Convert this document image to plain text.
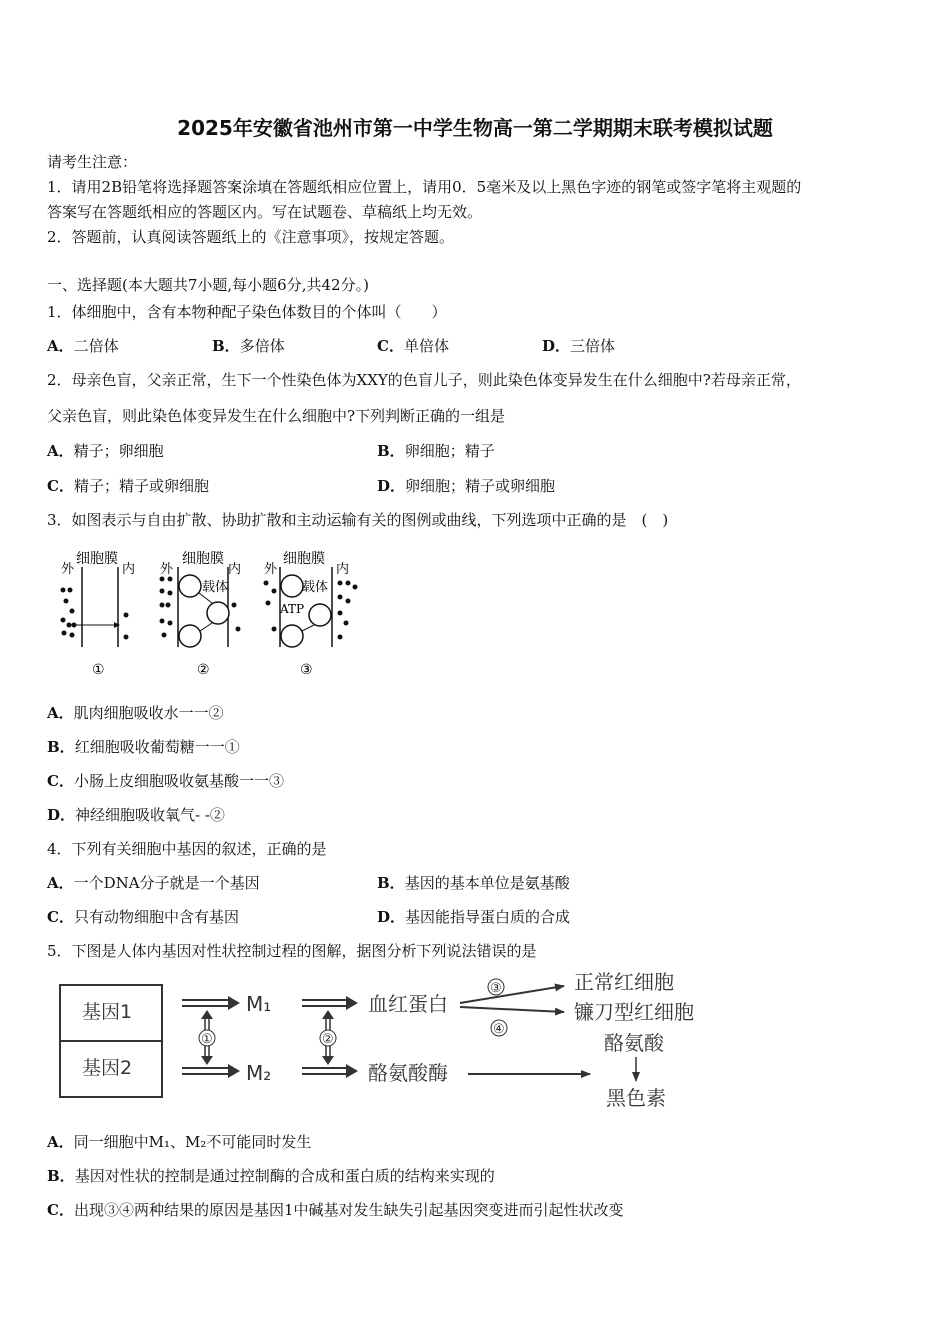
2025年安徽省池州市第一中学生物高一第二学期期末联考模拟试题
请考生注意：
1．请用2B铅笔将选择题答案涂填在答题纸相应位置上，请用0．5毫米及以上黑色字迹的钢笔或签字笔将主观题的
答案写在答题纸相应的答题区内。写在试题卷、草稿纸上均无效。
2．答题前，认真阅读答题纸上的《注意事项》，按规定答题。
一、选择题(本大题共7小题,每小题6分,共42分。)
1．体细胞中，含有本物种配子染色体数目的个体叫（　　）
A．二倍体	B．多倍体	C．单倍体	D．三倍体
2．母亲色盲，父亲正常，生下一个性染色体为XXY的色盲儿子，则此染色体变异发生在什么细胞中?若母亲正常，
父亲色盲，则此染色体变异发生在什么细胞中?下列判断正确的一组是
A．精子；卵细胞	B．卵细胞；精子
C．精子；精子或卵细胞	D．卵细胞；精子或卵细胞
3．如图表示与自由扩散、协助扩散和主动运输有关的图例或曲线，下列选项中正确的是　(　)
细胞膜
外	内
①
细胞膜
外	内
载体
②
细胞膜
外	内
载体
ATP
③
A．肌肉细胞吸收水一一②
B．红细胞吸收葡萄糖一一①
C．小肠上皮细胞吸收氨基酸一一③
D．神经细胞吸收氧气- -②
4．下列有关细胞中基因的叙述，正确的是
A．一个DNA分子就是一个基因	B．基因的基本单位是氨基酸
C．只有动物细胞中含有基因	D．基因能指导蛋白质的合成
5．下图是人体内基因对性状控制过程的图解，据图分析下列说法错误的是
基因1
基因2
M₁
M₂
①	②
血红蛋白
酪氨酸酶
③
④
正常红细胞
镰刀型红细胞
酪氨酸
黑色素
A．同一细胞中M₁、M₂不可能同时发生
B．基因对性状的控制是通过控制酶的合成和蛋白质的结构来实现的
C．出现③④两种结果的原因是基因1中碱基对发生缺失引起基因突变进而引起性状改变
